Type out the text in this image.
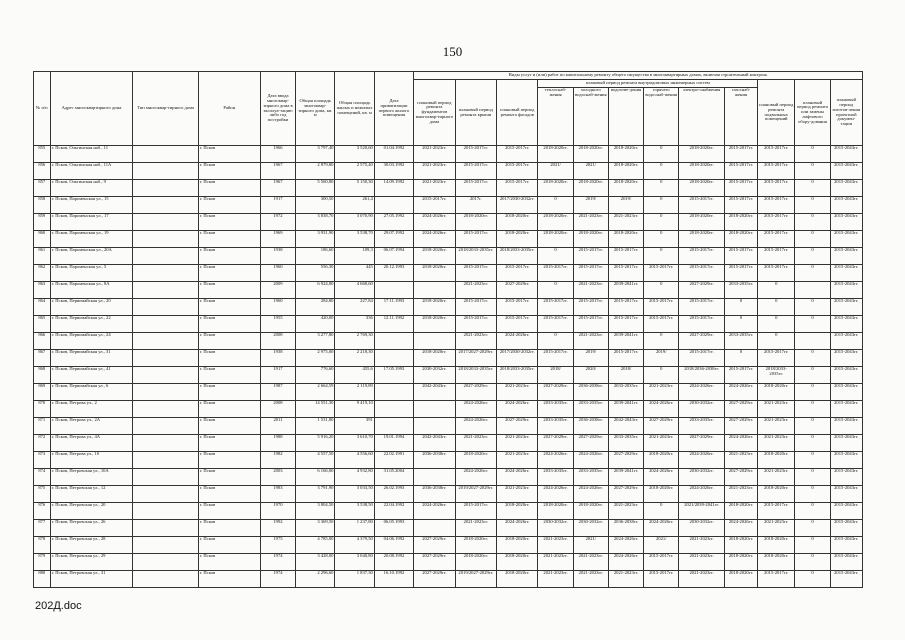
150
№ п/п	Адрес многоквартирного дома	Тип многоквар-тирного дома	Район	Дата ввода многоквар-тирного дома в эксплуа-тацию либо год постройки	Общая площадь многоквар-тирного дома, кв. м	Общая площадь жилых и нежилых помещений, кв. м	Дата приватизации первого жилого помещения	Виды услуг и (или) работ по капитальному ремонту общего имущества в многоквартирных домах, включая строительный контроль											
								плановый период ремонта фундаментов многоквар-тирного дома	плановый период ремонта крыши	плановый период ремонта фасадов	плановый период ремонта внутридомовых инженерных систем						плановый период ремонта подвальных помещений	плановый период ремонта или замены лифтового обору-дования	плановый период изготов-ления проектной докумен-тации
											теплоснаб-жения	холодного водоснаб-жения	водоотве-дения	горячего водоснаб-жения	электро-снабжения	газоснаб-жения			
855	г. Псков, Ольгинская наб., 11		г. Псков	1966	3 797,40	3 520,60	01.04.1992	2021-2023гг.	2015-2017гг.	2015-2017гг.	2018-2020гг.	2018-2020гг.	2018-2020гг.	0	2018-2020гг.	2015-2017гг.	2015-2017гг.	0	2015-2043гг.
856	г. Псков, Ольгинская наб., 11А		г. Псков	1967	2 879,80	2 575,40	30.03.1992	2021-2023гг.	2015-2017гг.	2015-2017гг.	2021/	2021/	2018-2020гг.	0	2018-2020гг.	2015-2017гг.	2015-2017гг.	0	2015-2043гг.
857	г. Псков, Ольгинская наб., 9		г. Псков	1967	5 560,80	5 150,30	14.09.1992	2021-2023гг.	2015-2017гг.	2015-2017гг.	2018-2020гг.	2018-2020гг.	2018-2020гг.	0	2018-2020гг.	2015-2017гг.	2015-2017гг.	0	2015-2043гг.
858	г. Псков, Пароменская ул., 15		г. Псков	1917	300,50	261,4		2015-2017гг.	2017г.	2017/2030-2032гг.	0	2019/	2019/	0	2015-2017гг.	2015-2017гг.	2015-2017гг.	0	2015-2043гг.
859	г. Псков, Пароменская ул., 17		г. Псков	1972	3 838,70	3 070,90	27.05.1992	2024-2026гг.	2018-2020гг.	2018-2020гг.	2018-2020гг.	2021-2023гг.	2021-2023гг.	0	2018-2020гг.	2018-2020гг.	2015-2017гг.	0	2015-2043гг.
860	г. Псков, Пароменская ул., 19		г. Псков	1969	3 931,90	3 538,70	29.07.1992	2024-2026гг.	2015-2017гг.	2018-2020гг.	2018-2020гг.	2018-2020гг.	2018-2020гг.	0	2018-2020гг.	2018-2020гг.	2015-2017гг.	0	2015-2043гг.
861	г. Псков, Пароменская ул., 20А		г. Псков	1938	186,60	109,3	06.07.1994	2018-2020гг.	2018/2033-2035гг.	2018/2033-2035гг.	0	2015-2017гг.	2015-2017гг.	0	2015-2017гг.	2015-2017гг.	2015-2017гг.	0	2015-2043гг.
862	г. Псков, Пароменская ул., 5		г. Псков	1960	556,30	445	20.12.1993	2018-2020гг.	2015-2017гг.	2015-2017гг.	2015-2017гг.	2015-2017гг.	2015-2017гг.	2015-2017гг.	2015-2017гг.	2015-2017гг.	2015-2017гг.	0	2015-2043гг.
863	г. Псков, Пароменская ул., 8А		г. Псков	2009	6 924,80	4 668,60			2021-2023гг.	2027-2029гг.	0	2021-2023гг.	2039-2041гг.	0	2027-2029гг.	2033-2035гг.	0		2015-2043гг.
864	г. Псков, Первомайская ул., 20		г. Псков	1960	284,80	227,84	17.11.1993	2018-2020гг.	2015-2017гг.	2015-2017гг.	2015-2017гг.	2015-2017гг.	2015-2017гг.	2015-2017гг.	2015-2017гг.	0	0	0	2015-2043гг.
865	г. Псков, Первомайская ул., 22		г. Псков	1955	420,00	336	12.11.1992	2018-2020гг.	2015-2017гг.	2015-2017гг.	2015-2017гг.	2015-2017гг.	2015-2017гг.	2015-2017гг.	2015-2017гг.	0	0	0	2015-2043гг.
866	г. Псков, Первомайская ул., 24		г. Псков	2008	3 277,80	2 769,30			2021-2023гг.	2024-2026гг.	0	2021-2023гг.	2039-2041гг.	0	2027-2029гг.	2033-2035гг.	0		2015-2043гг.
867	г. Псков, Первомайская ул., 31		г. Псков	1938	2 975,00	2 218,30		2018-2020гг.	2017/2027-2029гг.	2017/2030-2032гг.	2015-2017гг.	2019/	2015-2017гг.	2019/	2015-2017гг.	0	2015-2017гг.	0	2015-2043гг.
868	г. Псков, Первомайская ул., 41		г. Псков	1917	776,60	455,6	17.05.1993	2030-2032гг.	2018/2033-2035гг.	2018/2033-2035гг.	2018/	2020/	2018/	0	2018/2036-2038гг.	2015-2017гг.	2018/2033-2035гг.	0	2015-2043гг.
869	г. Псков, Первомайская ул., 6		г. Псков	1987	2 664,59	2 119,89		2042-2043гг.	2027-2029гг.	2021-2023гг.	2027-2029гг.	2036-2038гг.	2033-2035гг.	2021-2023гг.	2024-2026гг.	2024-2026гг.	2018-2020гг.	0	2015-2043гг.
870	г. Псков, Петрова ул., 2		г. Псков	2008	14 551,30	9 419,10			2024-2026гг.	2024-2026гг.	2033-2035гг.	2033-2035гг.	2039-2041гг.	2024-2026гг.	2030-2032гг.	2027-2029гг.	2021-2023гг.	0	2015-2043гг.
871	г. Псков, Петрова ул., 2А		г. Псков	2011	1 531,80	391			2024-2026гг.	2027-2029гг.	2033-2035гг.	2036-2038гг.	2042-2043гг.	2027-2029гг.	2033-2035гг.	2027-2029гг.	2021-2023гг.	0	2015-2043гг.
872	г. Псков, Петрова ул., 4А		г. Псков	1988	5 916,20	3 610,70	19.01.1994	2042-2043гг.	2021-2023гг.	2021-2023гг.	2027-2029гг.	2027-2029гг.	2033-2035гг.	2021-2023гг.	2027-2029гг.	2024-2026гг.	2021-2023гг.	0	2015-2043гг.
873	г. Псков, Петрова ул., 10		г. Псков	1982	4 557,50	4 556,60	22.02.1991	2036-2038гг.	2018-2020гг.	2021-2023гг.	2024-2026гг.	2024-2026гг.	2027-2029гг.	2018-2020гг.	2024-2026гг.	2021-2023гг.	2018-2020гг.	0	2015-2043гг.
874	г. Псков, Петровская ул., 10А		г. Псков	2003	6 166,00	4 932,80	31.05.2004		2024-2026гг.	2024-2026гг.	2033-2035гг.	2033-2035гг.	2039-2041гг.	2024-2026гг.	2030-2032гг.	2027-2029гг.	2021-2023гг.	0	2015-2043гг.
875	г. Псков, Петровская ул., 12		г. Псков	1983	3 791,90	3 033,50	26.02.1993	2036-2038гг.	2019/2027-2029гг.	2021-2023гг.	2024-2026гг.	2024-2026гг.	2027-2029гг.	2018-2020гг.	2024-2026гг.	2021-2023гг.	2018-2020гг.	0	2015-2043гг.
876	г. Псков, Петровская ул., 20		г. Псков	1970	3 804,50	3 538,50	22.04.1992	2024-2026гг.	2015-2017гг.	2018-2020гг.	2018-2020гг.	2018-2020гг.	2021-2023гг.	0	2021/2039-2041гг.	2018-2020гг.	2015-2017гг.	0	2015-2043гг.
877	г. Псков, Петровская ул., 26		г. Псков	1992	3 369,50	1 237,80	06.05.1993		2021-2023гг.	2024-2026гг.	2030-2032гг.	2030-2032гг.	2036-2038гг.	2024-2026гг.	2030-2032гг.	2024-2026гг.	2021-2023гг.	0	2015-2043гг.
878	г. Псков, Петровская ул., 28		г. Псков	1975	4 785,00	4 379,50	04.06.1992	2027-2029гг.	2018-2020гг.	2018-2020гг.	2021-2023гг.	2021/	2024-2026гг.	2021/	2021-2023гг.	2018-2020гг.	2018-2020гг.	0	2015-2043гг.
879	г. Псков, Петровская ул., 29		г. Псков	1974	3 428,00	3 040,80	20.08.1992	2027-2029гг.	2018-2020гг.	2018-2020гг.	2021-2023гг.	2021-2023гг.	2024-2026гг.	2015-2017гг.	2021-2023гг.	2018-2020гг.	2018-2020гг.	0	2015-2043гг.
880	г. Псков, Петровская ул., 31		г. Псков	1974	2 296,60	1 837,30	16.10.1992	2027-2029гг.	2019/2027-2029гг.	2018-2020гг.	2021-2023гг.	2021-2023гг.	2021-2023гг.	2015-2017гг.	2021-2023гг.	2018-2020гг.	2015-2017гг.	0	2015-2043гг.
202Д.doc
